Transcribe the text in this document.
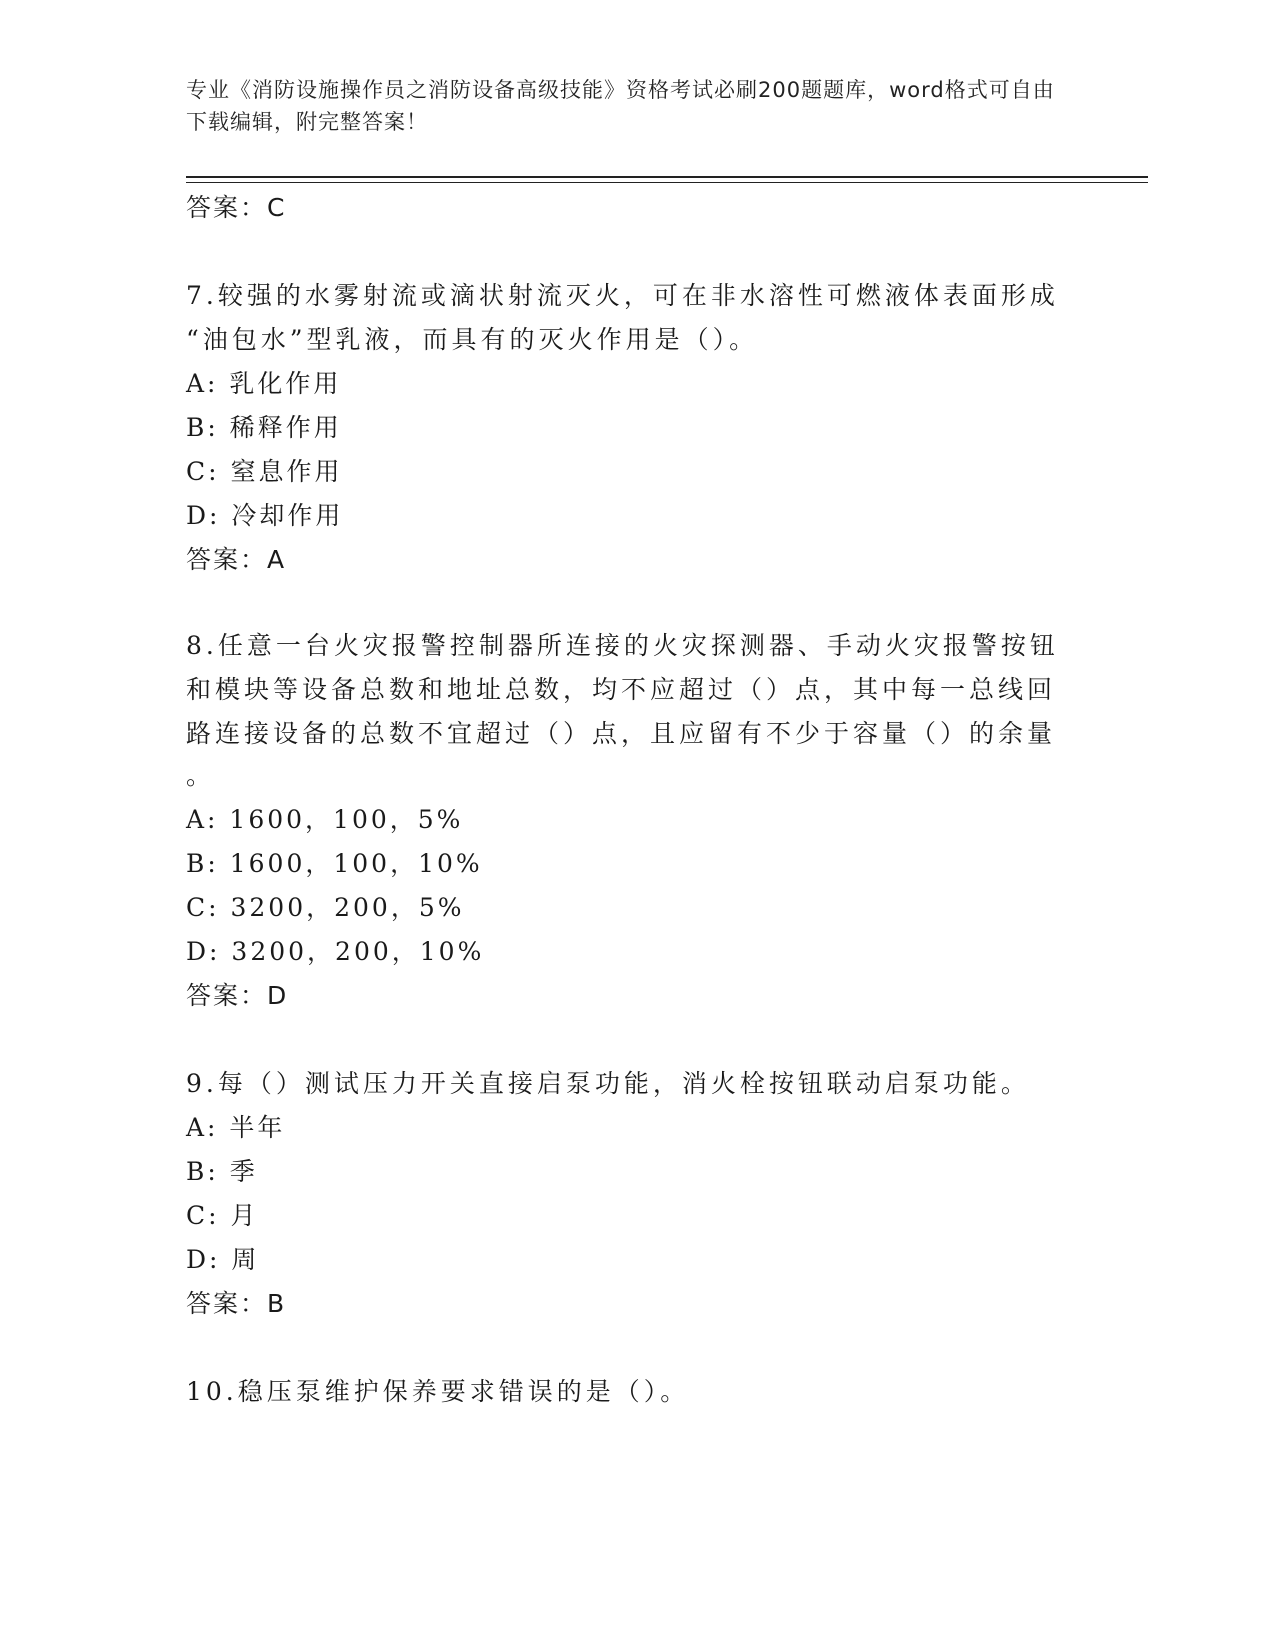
专业《消防设施操作员之消防设备高级技能》资格考试必刷200题题库，word格式可自由下载编辑，附完整答案！
答案：C
7.较强的水雾射流或滴状射流灭火，可在非水溶性可燃液体表面形成
“油包水”型乳液，而具有的灭火作用是（）。
A: 乳化作用
B: 稀释作用
C: 窒息作用
D: 冷却作用
答案：A
8.任意一台火灾报警控制器所连接的火灾探测器、手动火灾报警按钮
和模块等设备总数和地址总数，均不应超过（）点，其中每一总线回
路连接设备的总数不宜超过（）点，且应留有不少于容量（）的余量
。
A: 1600，100，5%
B: 1600，100，10%
C: 3200，200，5%
D: 3200，200，10%
答案：D
9.每（）测试压力开关直接启泵功能，消火栓按钮联动启泵功能。
A: 半年
B: 季
C: 月
D: 周
答案：B
10.稳压泵维护保养要求错误的是（）。
